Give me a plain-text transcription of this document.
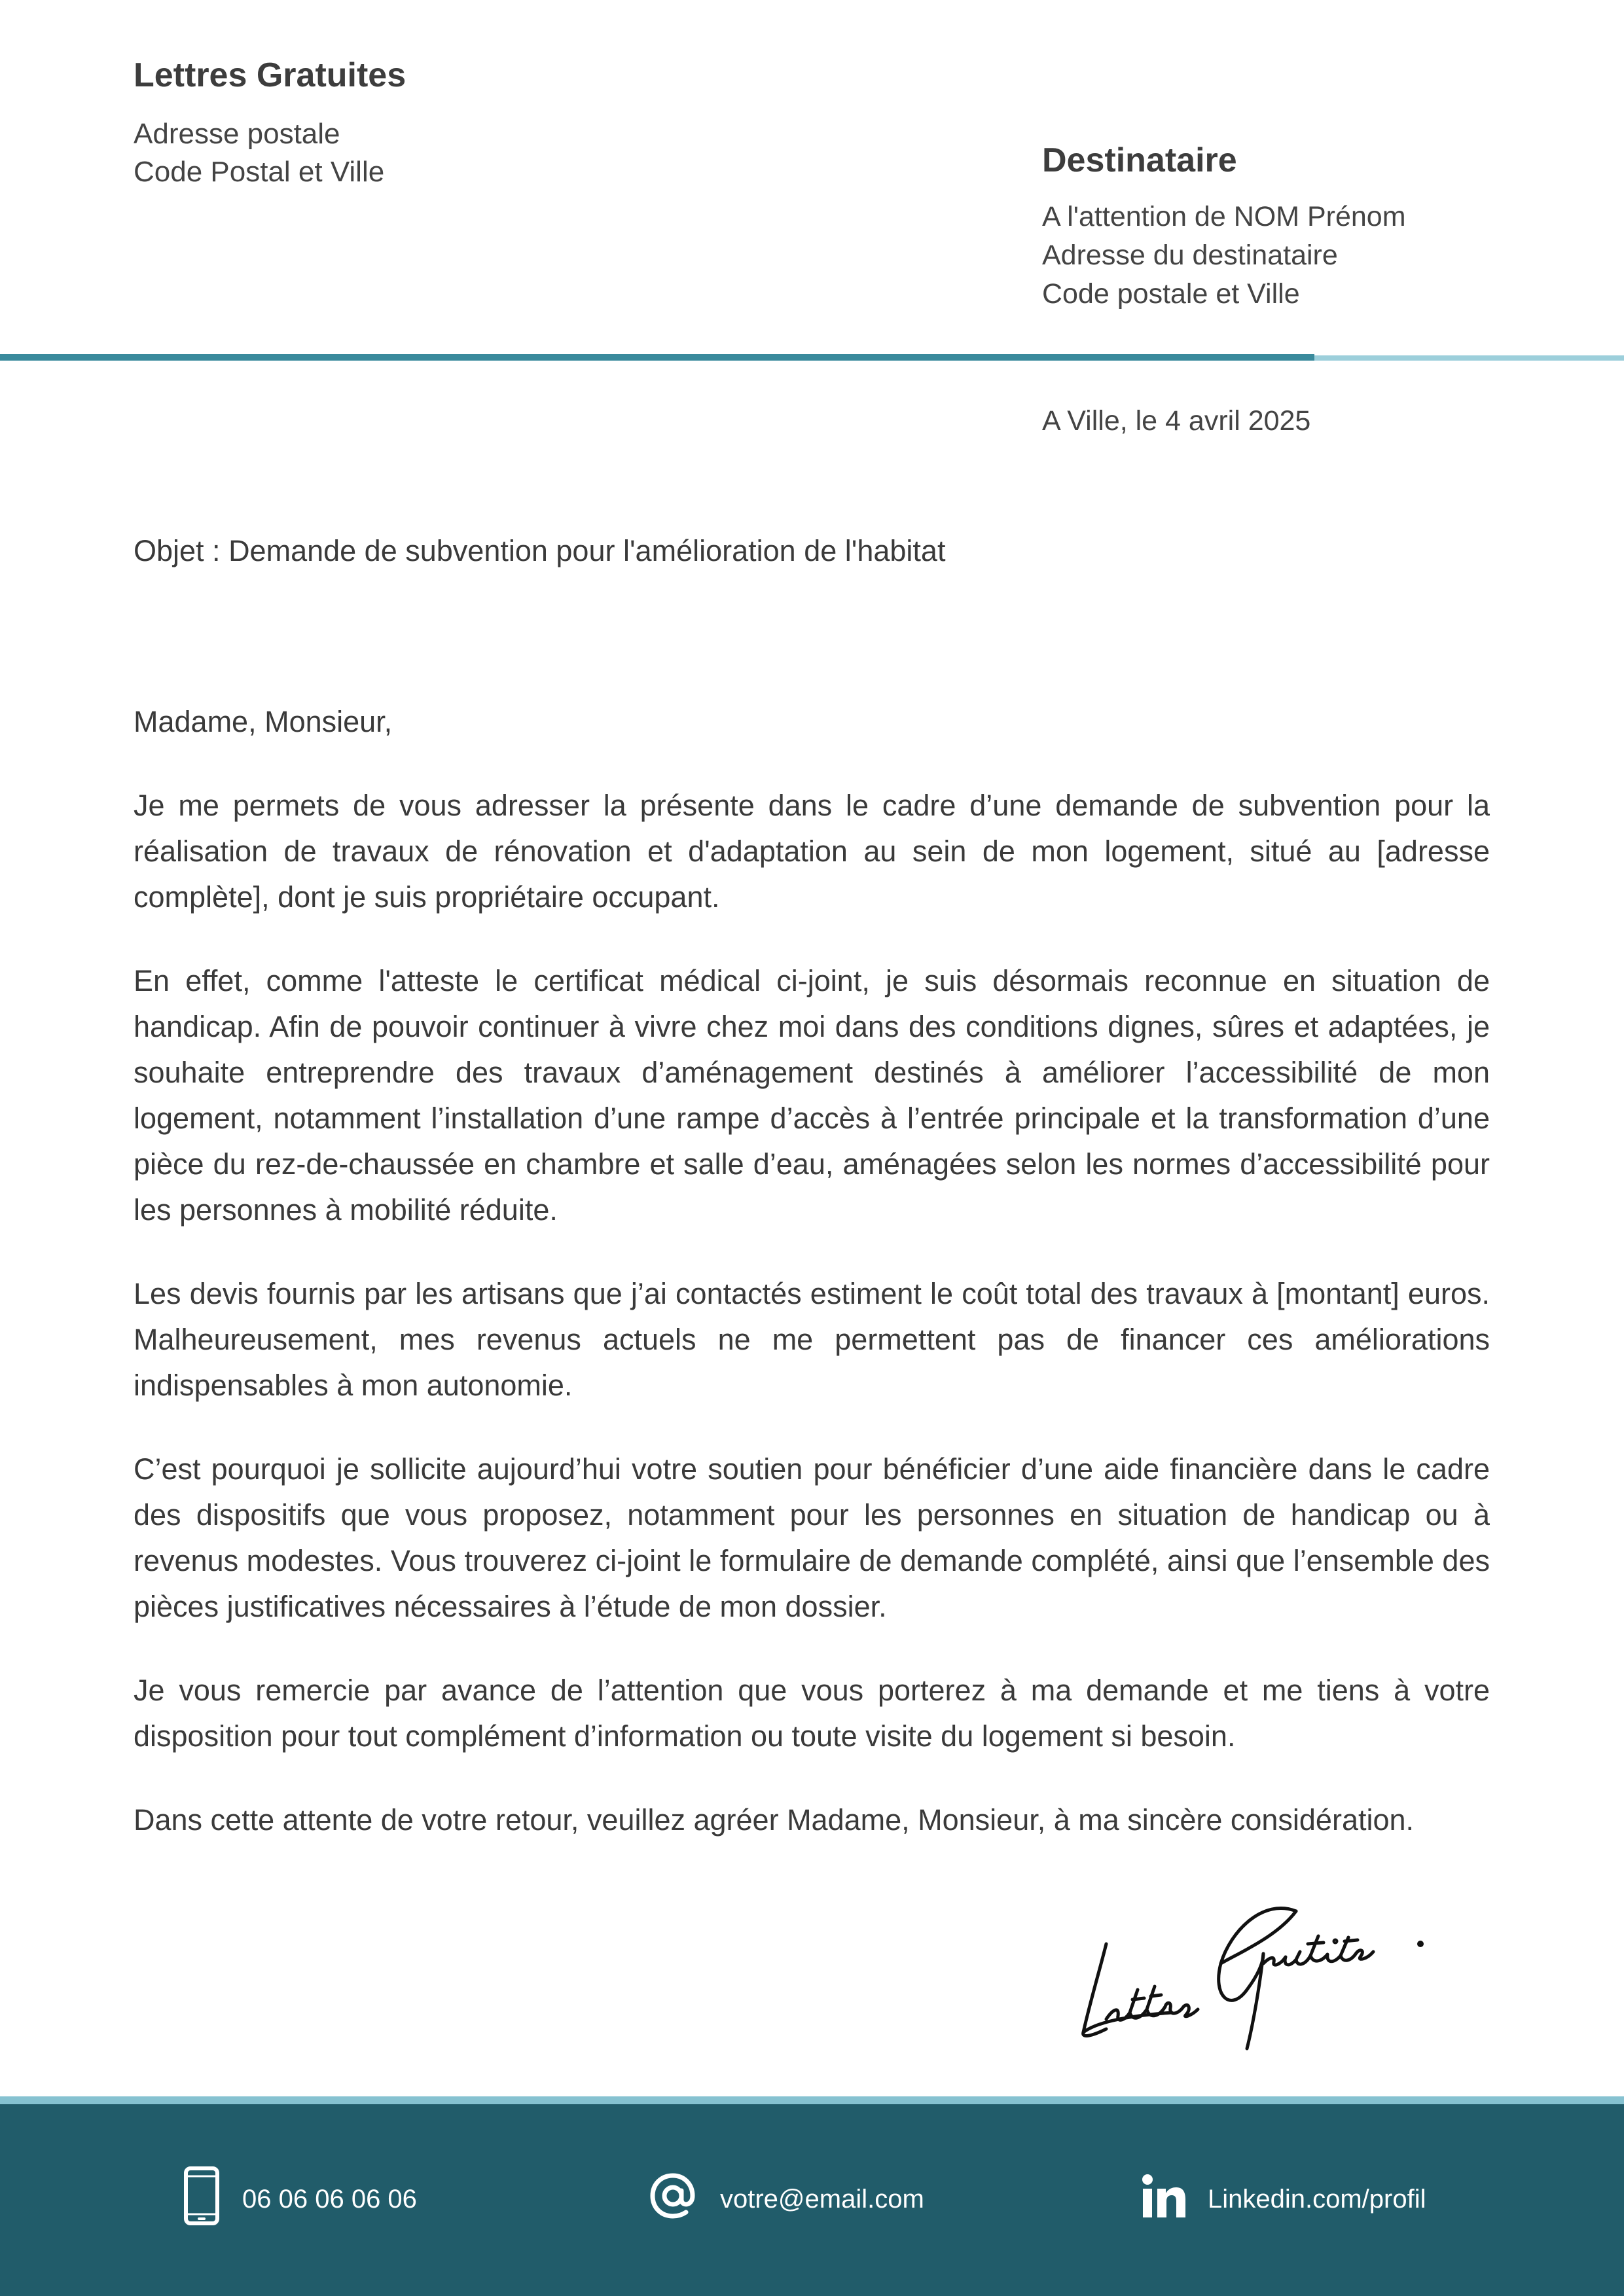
Lettres Gratuites
Adresse postale
Code Postal et Ville	Destinataire
A l'attention de NOM Prénom
Adresse du destinataire
Code postale et Ville
A Ville, le 4 avril 2025
Objet : Demande de subvention pour l'amélioration de l'habitat

Madame, Monsieur,

Je me permets de vous adresser la présente dans le cadre d’une demande de subvention pour la réalisation de travaux de rénovation et d'adaptation au sein de mon logement, situé au [adresse complète], dont je suis propriétaire occupant.

En effet, comme l'atteste le certificat médical ci-joint, je suis désormais reconnue en situation de handicap. Afin de pouvoir continuer à vivre chez moi dans des conditions dignes, sûres et adaptées, je souhaite entreprendre des travaux d’aménagement destinés à améliorer l’accessibilité de mon logement, notamment l’installation d’une rampe d’accès à l’entrée principale et la transformation d’une pièce du rez-de-chaussée en chambre et salle d’eau, aménagées selon les normes d’accessibilité pour les personnes à mobilité réduite.

Les devis fournis par les artisans que j’ai contactés estiment le coût total des travaux à [montant] euros. Malheureusement, mes revenus actuels ne me permettent pas de financer ces améliorations indispensables à mon autonomie.

C’est pourquoi je sollicite aujourd’hui votre soutien pour bénéficier d’une aide financière dans le cadre des dispositifs que vous proposez, notamment pour les personnes en situation de handicap ou à revenus modestes. Vous trouverez ci-joint le formulaire de demande complété, ainsi que l’ensemble des pièces justificatives nécessaires à l’étude de mon dossier.

Je vous remercie par avance de l’attention que vous porterez à ma demande et me tiens à votre disposition pour tout complément d’information ou toute visite du logement si besoin.

Dans cette attente de votre retour, veuillez agréer Madame, Monsieur, à ma sincère considération.

06 06 06 06 06	votre@email.com	Linkedin.com/profil
